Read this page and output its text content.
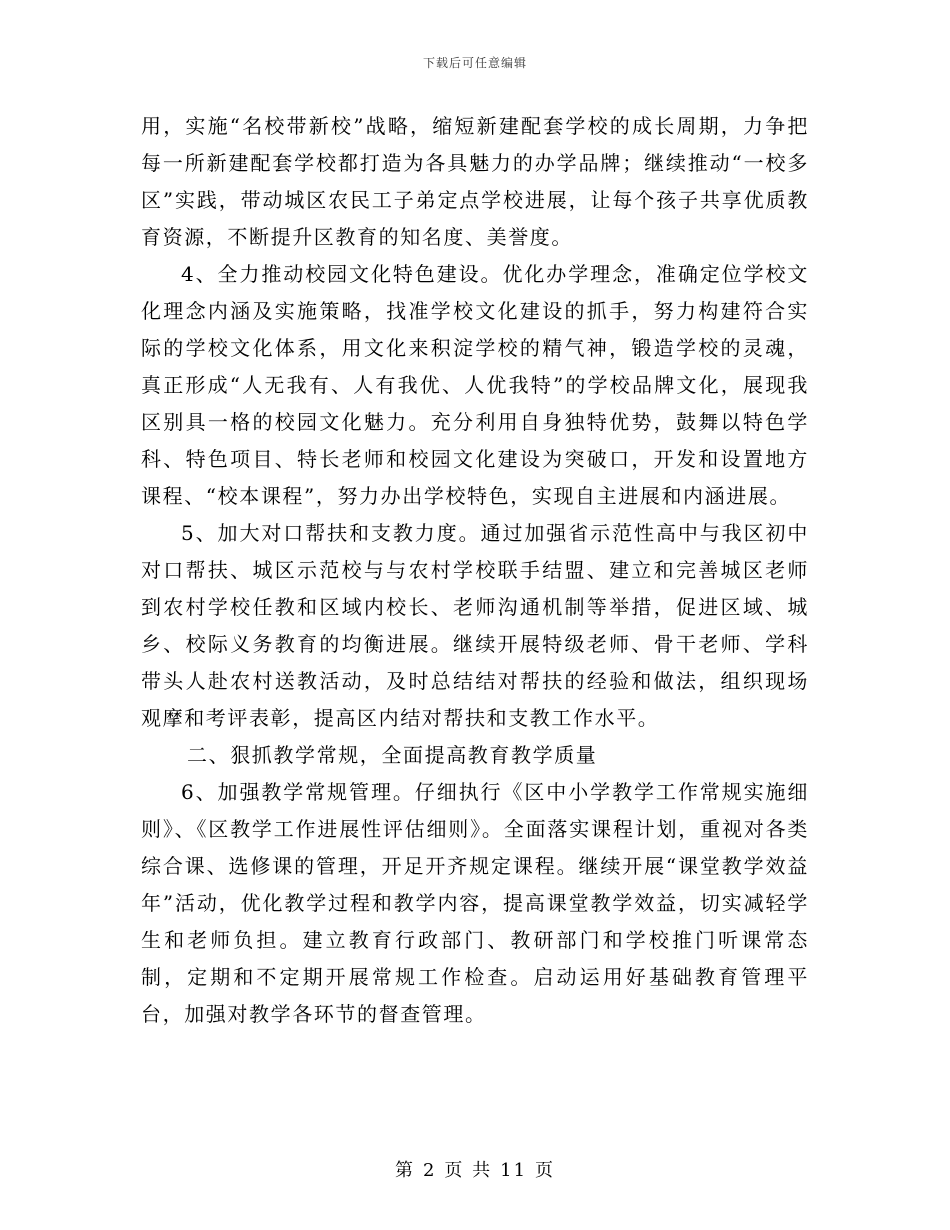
下载后可任意编辑

用，实施“名校带新校”战略，缩短新建配套学校的成长周期，力争把每一所新建配套学校都打造为各具魅力的办学品牌；继续推动“一校多区”实践，带动城区农民工子弟定点学校进展，让每个孩子共享优质教育资源，不断提升区教育的知名度、美誉度。

4、全力推动校园文化特色建设。优化办学理念，准确定位学校文化理念内涵及实施策略，找准学校文化建设的抓手，努力构建符合实际的学校文化体系，用文化来积淀学校的精气神，锻造学校的灵魂，真正形成“人无我有、人有我优、人优我特”的学校品牌文化，展现我区别具一格的校园文化魅力。充分利用自身独特优势，鼓舞以特色学科、特色项目、特长老师和校园文化建设为突破口，开发和设置地方课程、“校本课程”，努力办出学校特色，实现自主进展和内涵进展。

5、加大对口帮扶和支教力度。通过加强省示范性高中与我区初中对口帮扶、城区示范校与与农村学校联手结盟、建立和完善城区老师到农村学校任教和区域内校长、老师沟通机制等举措，促进区域、城乡、校际义务教育的均衡进展。继续开展特级老师、骨干老师、学科带头人赴农村送教活动，及时总结结对帮扶的经验和做法，组织现场观摩和考评表彰，提高区内结对帮扶和支教工作水平。

二、狠抓教学常规，全面提高教育教学质量

6、加强教学常规管理。仔细执行《区中小学教学工作常规实施细则》、《区教学工作进展性评估细则》。全面落实课程计划，重视对各类综合课、选修课的管理，开足开齐规定课程。继续开展“课堂教学效益年”活动，优化教学过程和教学内容，提高课堂教学效益，切实减轻学生和老师负担。建立教育行政部门、教研部门和学校推门听课常态制，定期和不定期开展常规工作检查。启动运用好基础教育管理平台，加强对教学各环节的督查管理。

第 2 页 共 11 页
